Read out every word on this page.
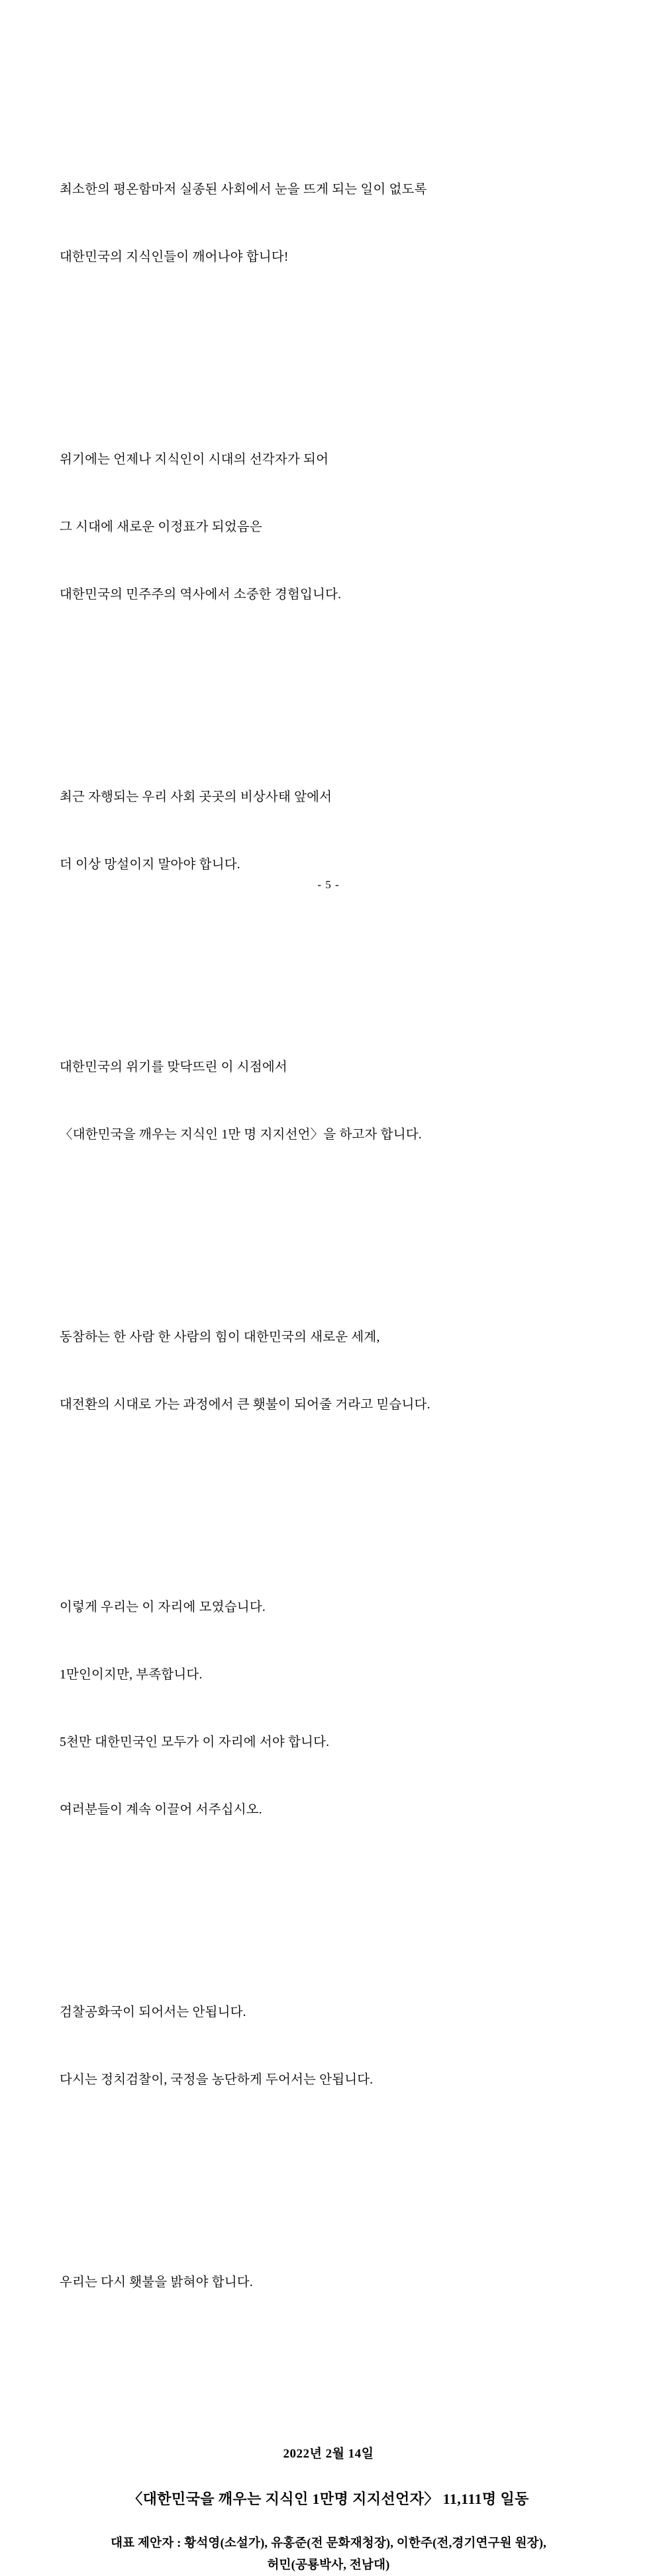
최소한의 평온함마저 실종된 사회에서 눈을 뜨게 되는 일이 없도록

대한민국의 지식인들이 깨어나야 합니다!

위기에는 언제나 지식인이 시대의 선각자가 되어

그 시대에 새로운 이정표가 되었음은

대한민국의 민주주의 역사에서 소중한 경험입니다.

최근 자행되는 우리 사회 곳곳의 비상사태 앞에서

더 이상 망설이지 말아야 합니다.

대한민국의 위기를 맞닥뜨린 이 시점에서

〈대한민국을 깨우는 지식인 1만 명 지지선언〉을 하고자 합니다.

동참하는 한 사람 한 사람의 힘이 대한민국의 새로운 세계,

대전환의 시대로 가는 과정에서 큰 횃불이 되어줄 거라고 믿습니다.

이렇게 우리는 이 자리에 모였습니다.

1만인이지만, 부족합니다.

5천만 대한민국인 모두가 이 자리에 서야 합니다.

여러분들이 계속 이끌어 서주십시오.

검찰공화국이 되어서는 안됩니다.

다시는 정치검찰이, 국정을 농단하게 두어서는 안됩니다.

우리는 다시 횃불을 밝혀야 합니다.

2022년 2월 14일
〈대한민국을 깨우는 지식인 1만명 지지선언자〉 11,111명 일동
대표 제안자 : 황석영(소설가), 유홍준(전 문화재청장), 이한주(전,경기연구원 원장),
허민(공룡박사, 전남대)
- 5 -
